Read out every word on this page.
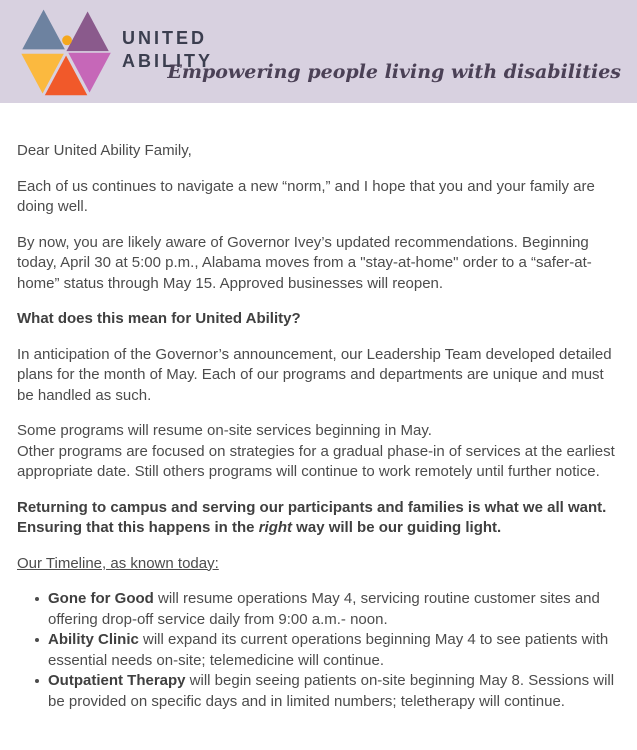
UNITED
ABILITY
Empowering people living with disabilities

Dear United Ability Family,

Each of us continues to navigate a new “norm,” and I hope that you and your family are doing well.

By now, you are likely aware of Governor Ivey’s updated recommendations. Beginning today, April 30 at 5:00 p.m., Alabama moves from a "stay-at-home" order to a “safer-at-home” status through May 15. Approved businesses will reopen.

What does this mean for United Ability?

In anticipation of the Governor’s announcement, our Leadership Team developed detailed plans for the month of May. Each of our programs and departments are unique and must be handled as such.

Some programs will resume on-site services beginning in May.
Other programs are focused on strategies for a gradual phase-in of services at the earliest appropriate date. Still others programs will continue to work remotely until further notice.

Returning to campus and serving our participants and families is what we all want. Ensuring that this happens in the right way will be our guiding light.

Our Timeline, as known today:

Gone for Good will resume operations May 4, servicing routine customer sites and offering drop-off service daily from 9:00 a.m.- noon.
Ability Clinic will expand its current operations beginning May 4 to see patients with essential needs on-site; telemedicine will continue.
Outpatient Therapy will begin seeing patients on-site beginning May 8. Sessions will be provided on specific days and in limited numbers; teletherapy will continue.
